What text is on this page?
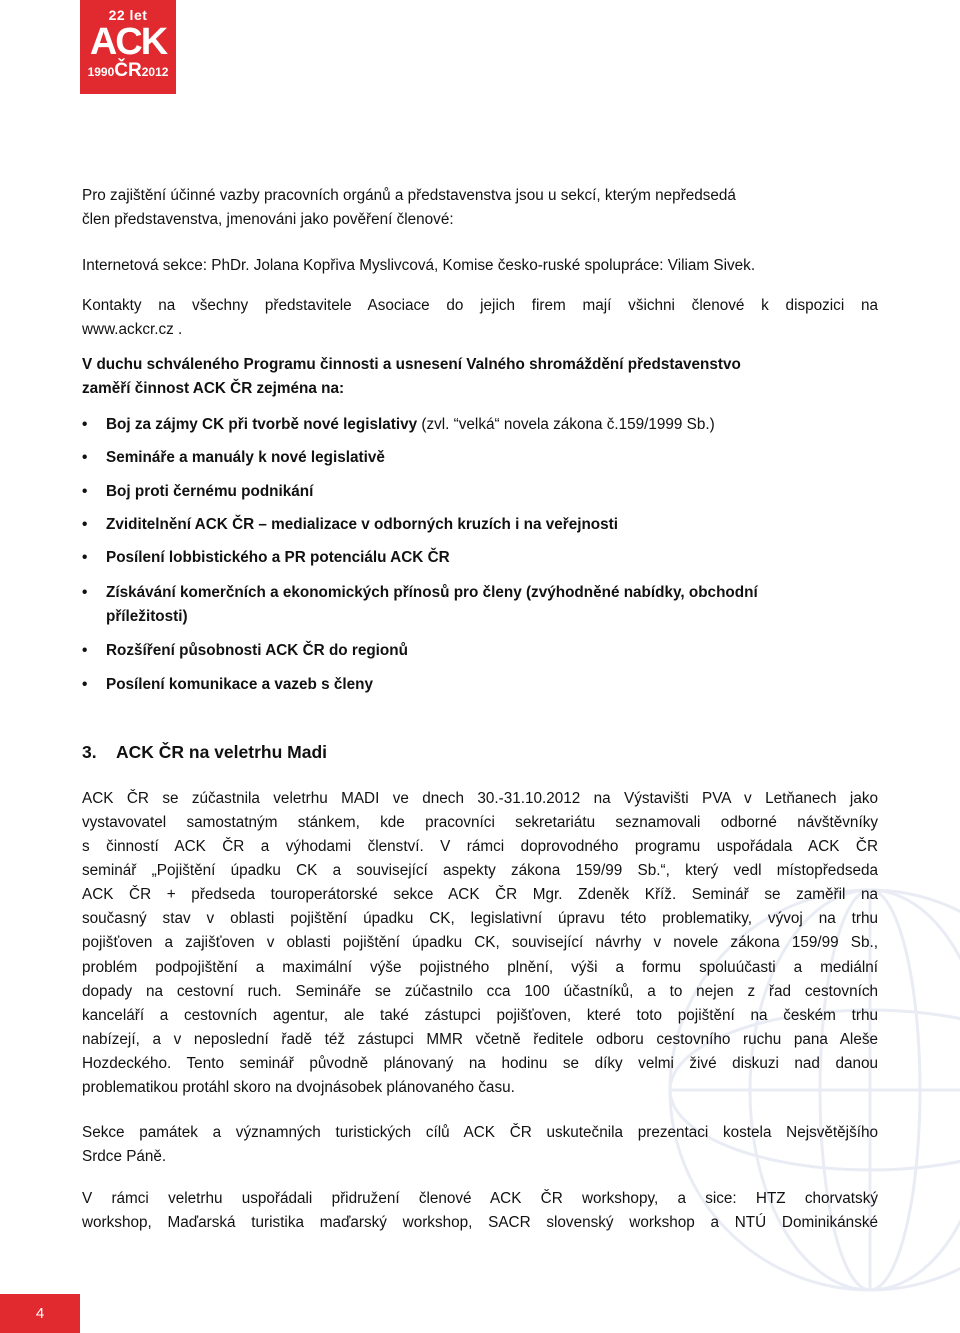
22 let
ACK
1990ČR2012
Pro zajištění účinné vazby pracovních orgánů a představenstva jsou u sekcí, kterým nepředsedá
člen představenstva, jmenováni jako pověření členové:
Internetová sekce: PhDr. Jolana Kopřiva Myslivcová, Komise česko-ruské spolupráce: Viliam Sivek.
Kontakty na všechny představitele Asociace do jejich firem mají všichni členové k dispozici na
www.ackcr.cz .
V duchu schváleného Programu činnosti a usnesení Valného shromáždění představenstvo
zaměří činnost ACK ČR zejména na:
•	Boj za zájmy CK při tvorbě nové legislativy (zvl. “velká“ novela zákona č.159/1999 Sb.)
•	Semináře a manuály k nové legislativě
•	Boj proti černému podnikání
•	Zviditelnění ACK ČR – medializace v odborných kruzích i na veřejnosti
•	Posílení lobbistického a PR potenciálu ACK ČR
•	Získávání komerčních a ekonomických přínosů pro členy (zvýhodněné nabídky, obchodní
příležitosti)
•	Rozšíření působnosti ACK ČR do regionů
•	Posílení komunikace a vazeb s členy
3. ACK ČR na veletrhu Madi
ACK ČR se zúčastnila veletrhu MADI ve dnech 30.-31.10.2012 na Výstavišti PVA v Letňanech jako
vystavovatel samostatným stánkem, kde pracovníci sekretariátu seznamovali odborné návštěvníky
s činností ACK ČR a výhodami členství. V rámci doprovodného programu uspořádala ACK ČR
seminář „Pojištění úpadku CK a související aspekty zákona 159/99 Sb.“, který vedl místopředseda
ACK ČR + předseda touroperátorské sekce ACK ČR Mgr. Zdeněk Kříž. Seminář se zaměřil na
současný stav v oblasti pojištění úpadku CK, legislativní úpravu této problematiky, vývoj na trhu
pojišťoven a zajišťoven v oblasti pojištění úpadku CK, související návrhy v novele zákona 159/99 Sb.,
problém podpojištění a maximální výše pojistného plnění, výši a formu spoluúčasti a mediální
dopady na cestovní ruch. Semináře se zúčastnilo cca 100 účastníků, a to nejen z řad cestovních
kanceláří a cestovních agentur, ale také zástupci pojišťoven, které toto pojištění na českém trhu
nabízejí, a v neposlední řadě též zástupci MMR včetně ředitele odboru cestovního ruchu pana Aleše
Hozdeckého. Tento seminář původně plánovaný na hodinu se díky velmi živé diskuzi nad danou
problematikou protáhl skoro na dvojnásobek plánovaného času.
Sekce památek a významných turistických cílů ACK ČR uskutečnila prezentaci kostela Nejsvětějšího
Srdce Páně.
V rámci veletrhu uspořádali přidružení členové ACK ČR workshopy, a sice: HTZ chorvatský
workshop, Maďarská turistika maďarský workshop, SACR slovenský workshop a NTÚ Dominikánské
4
